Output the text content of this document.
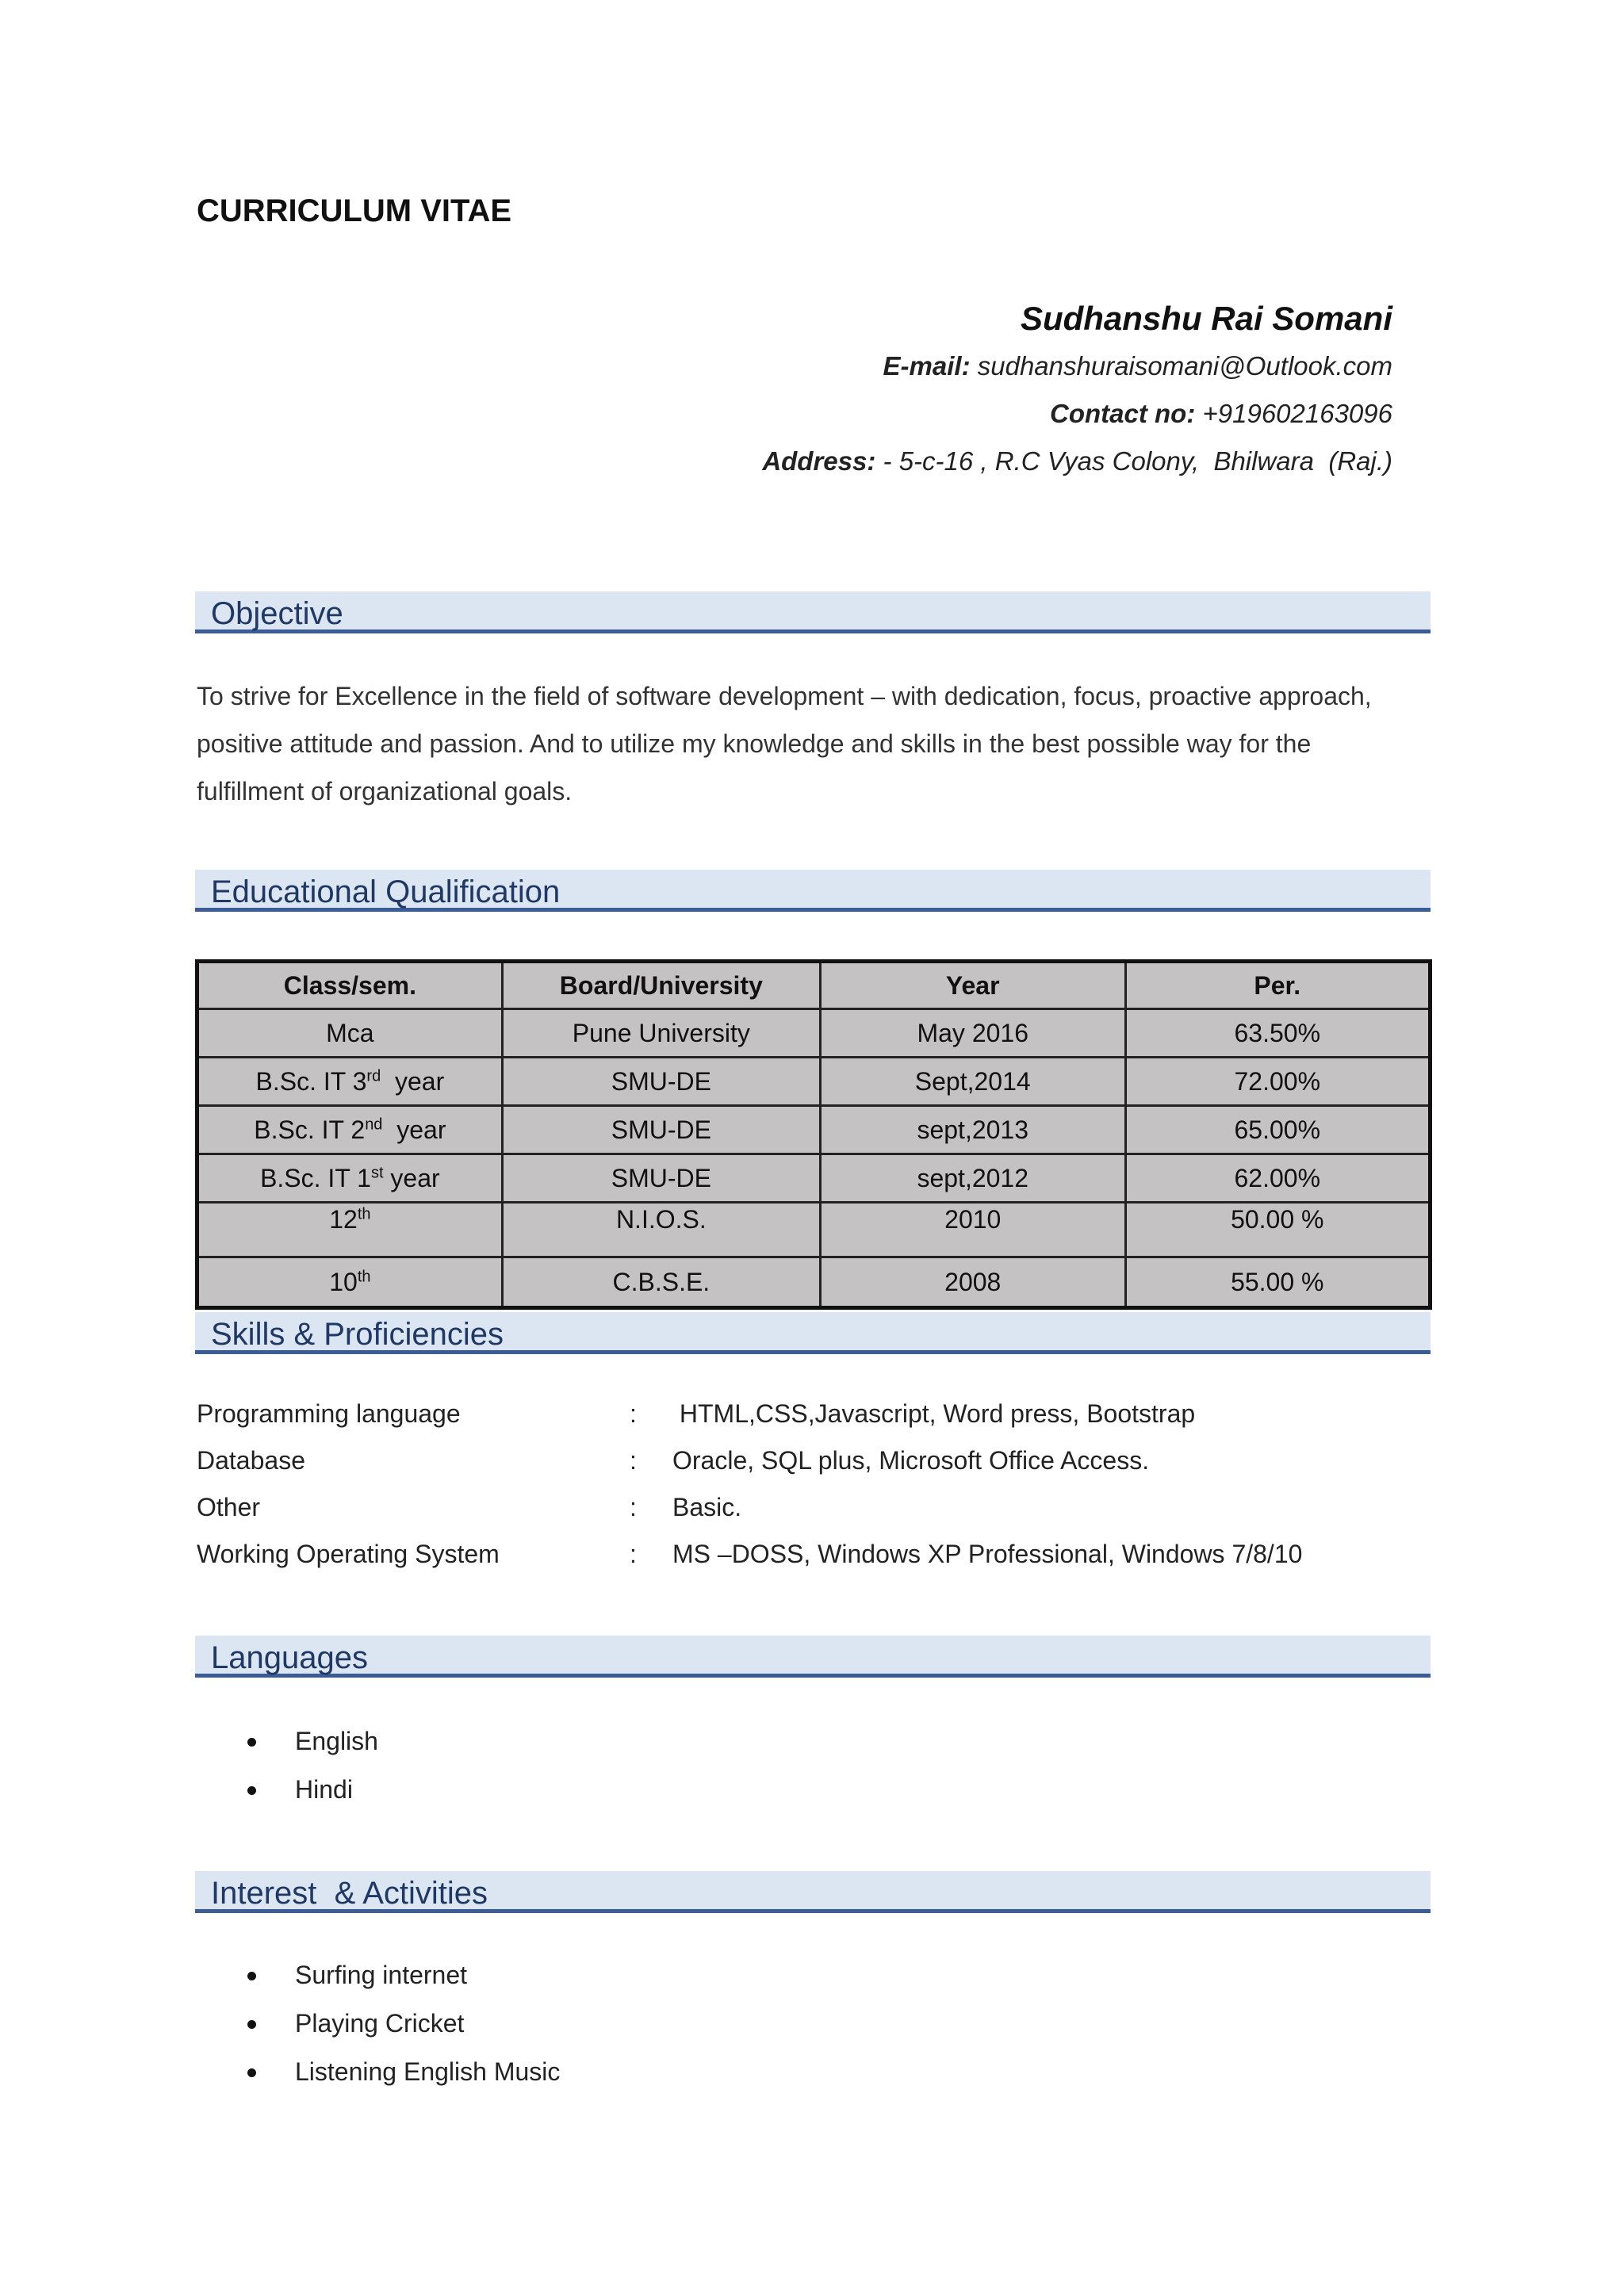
CURRICULUM VITAE
Sudhanshu Rai Somani
E-mail: sudhanshuraisomani@Outlook.com
Contact no: +919602163096
Address: - 5-c-16 , R.C Vyas Colony,  Bhilwara  (Raj.)
Objective
To strive for Excellence in the field of software development – with dedication, focus, proactive approach, positive attitude and passion. And to utilize my knowledge and skills in the best possible way for the fulfillment of organizational goals.
Educational Qualification
Class/sem.	Board/University	Year	Per.
Mca	Pune University	May 2016	63.50%
B.Sc. IT 3rd  year	SMU-DE	Sept,2014	72.00%
B.Sc. IT 2nd  year	SMU-DE	sept,2013	65.00%
B.Sc. IT 1st year	SMU-DE	sept,2012	62.00%
12th	N.I.O.S.	2010	50.00 %
10th	C.B.S.E.	2008	55.00 %
Skills & Proficiencies
Programming language	: HTML,CSS,Javascript, Word press, Bootstrap
Database	: Oracle, SQL plus, Microsoft Office Access.
Other	: Basic.
Working Operating System	: MS –DOSS, Windows XP Professional, Windows 7/8/10
Languages
English
Hindi
Interest  & Activities
Surfing internet
Playing Cricket
Listening English Music
